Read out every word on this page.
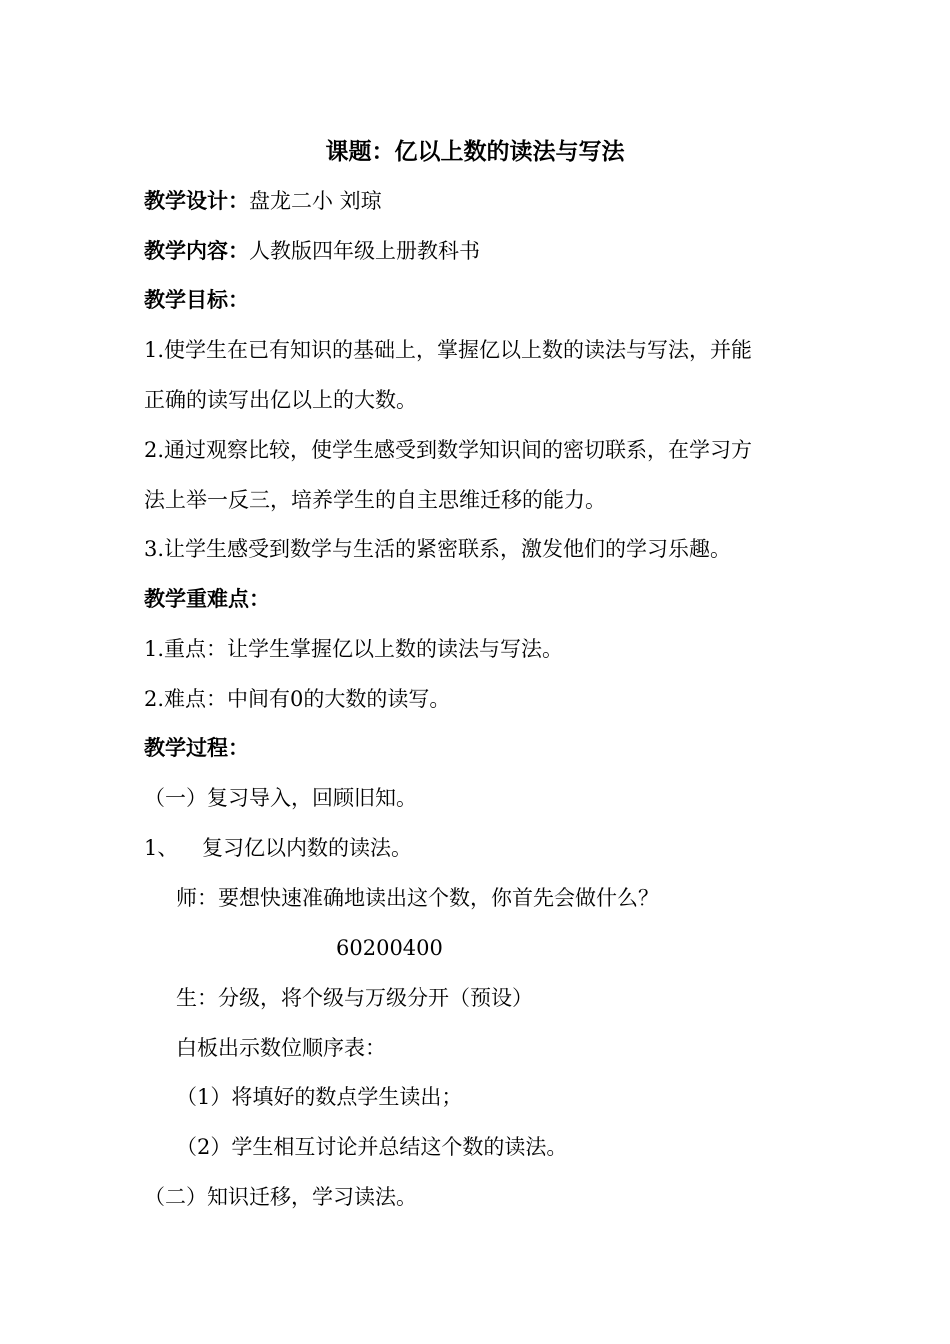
课题：亿以上数的读法与写法
教学设计：盘龙二小 刘琼
教学内容：人教版四年级上册教科书
教学目标：
1.使学生在已有知识的基础上，掌握亿以上数的读法与写法，并能
正确的读写出亿以上的大数。
2.通过观察比较，使学生感受到数学知识间的密切联系，在学习方
法上举一反三，培养学生的自主思维迁移的能力。
3.让学生感受到数学与生活的紧密联系，激发他们的学习乐趣。
教学重难点：
1.重点：让学生掌握亿以上数的读法与写法。
2.难点：中间有0的大数的读写。
教学过程：
（一）复习导入，回顾旧知。
1、 复习亿以内数的读法。
师：要想快速准确地读出这个数，你首先会做什么？
60200400
生：分级，将个级与万级分开（预设）
白板出示数位顺序表：
（1）将填好的数点学生读出；
（2）学生相互讨论并总结这个数的读法。
（二）知识迁移，学习读法。
